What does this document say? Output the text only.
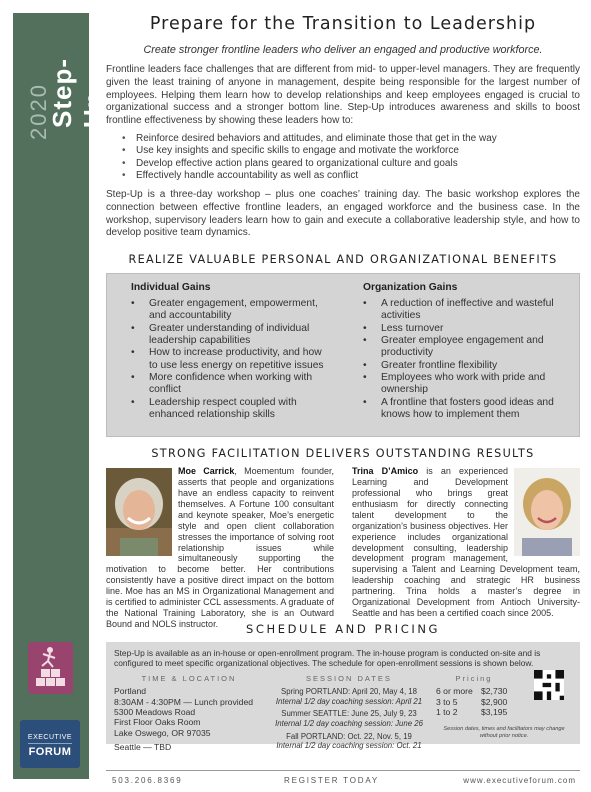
2020
Step-Up
EXECUTIVE
FORUM
Prepare for the Transition to Leadership
Create stronger frontline leaders who deliver an engaged and productive workforce.

Frontline leaders face challenges that are different from mid- to upper-level managers. They are frequently given the least training of anyone in management, despite being responsible for the largest number of employees. Helping them learn how to develop relationships and keep employees engaged is crucial to organizational success and a stronger bottom line. Step-Up introduces awareness and skills to boost frontline effectiveness by showing these leaders how to:

• Reinforce desired behaviors and attitudes, and eliminate those that get in the way
• Use key insights and specific skills to engage and motivate the workforce
• Develop effective action plans geared to organizational culture and goals
• Effectively handle accountability as well as conflict

Step-Up is a three-day workshop – plus one coaches’ training day. The basic workshop explores the connection between effective frontline leaders, an engaged workforce and the business case. In the workshop, supervisory leaders learn how to gain and execute a collaborative leadership style, and how to develop positive team dynamics.

REALIZE VALUABLE PERSONAL AND ORGANIZATIONAL BENEFITS
Individual Gains
• Greater engagement, empowerment, and accountability
• Greater understanding of individual leadership capabilities
• How to increase productivity, and how to use less energy on repetitive issues
• More confidence when working with conflict
• Leadership respect coupled with enhanced relationship skills
Organization Gains
• A reduction of ineffective and wasteful activities
• Less turnover
• Greater employee engagement and productivity
• Greater frontline flexibility
• Employees who work with pride and ownership
• A frontline that fosters good ideas and knows how to implement them
STRONG FACILITATION DELIVERS OUTSTANDING RESULTS
Moe Carrick, Moementum founder, asserts that people and organizations have an endless capacity to reinvent themselves. A Fortune 100 consultant and keynote speaker, Moe’s energetic style and open client collaboration stresses the importance of solving root relationship issues while simultaneously supporting the motivation to become better. Her contributions consistently have a positive direct impact on the bottom line. Moe has an MS in Organizational Management and is certified to administer CCL assessments. A graduate of the National Training Laboratory, she is an Outward Bound and NOLS instructor.
Trina D’Amico is an experienced Learning and Development professional who brings great enthusiasm for directly connecting talent development to the organization’s business objectives. Her experience includes organizational development consulting, leadership development program management, supervising a Talent and Learning Development team, leadership coaching and strategic HR business partnering. Trina holds a master’s degree in Organizational Development from Antioch University-Seattle and has been a certified coach since 2005.
SCHEDULE AND PRICING
Step-Up is available as an in-house or open-enrollment program. The in-house program is conducted on-site and is configured to meet specific organizational objectives. The schedule for open-enrollment sessions is shown below.
TIME & LOCATION
Portland
8:30AM - 4:30PM — Lunch provided
5300 Meadows Road
First Floor Oaks Room
Lake Oswego, OR 97035
Seattle — TBD
SESSION DATES
Spring PORTLAND: April 20, May 4, 18
Internal 1/2 day coaching session: April 21
Summer SEATTLE: June 25, July 9, 23
Internal 1/2 day coaching session: June 26
Fall PORTLAND: Oct. 22, Nov. 5, 19
Internal 1/2 day coaching session: Oct. 21
Pricing
6 or more $2,730
3 to 5	$2,900
1 to 2	$3,195
Session dates, times and facilitators may change without prior notice.
503.206.8369	REGISTER TODAY	www.executiveforum.com
